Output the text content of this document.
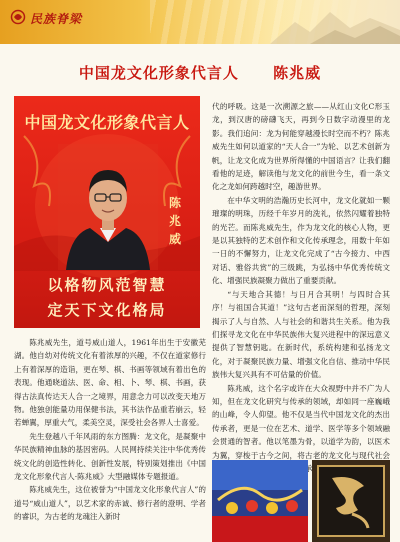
民族脊梁
中国龙文化形象代言人 陈兆威
中国龙文化形象代言人
陈
兆
威
以格物风范智慧
定天下文化格局

陈兆威先生，道号威山道人，1961年出生于安徽芜湖。他自幼对传统文化有着浓厚的兴趣，不仅在道家修行上有着深厚的造诣，更在琴、棋、书画等领域有着出色的表现。他通晓道法、医、命、相、卜、琴、棋、书画，获得古法真传达天人合一之境界，用意念力可以改变天地万物。他独创能量功用保健书法，其书法作品重若崩云，轻若蝉翼，厚重大气，柔美空灵，深受社会各界人士喜爱。

先生登越八千年风雨的东方图腾：龙文化，是凝聚中华民族精神血脉的基因密码。人民网持续关注中华优秀传统文化的创造性转化、创新性发展，特别策划推出《中国龙文化形象代言人·陈兆威》大型融媒体专题报道。

陈兆威先生，这位被誉为“中国龙文化形象代言人”的道号“威山道人”，以艺术家的赤诚、修行者的澄明、学者的睿识，为古老的龙魂注入新时

代的呼吸。这是一次溯源之旅——从红山文化C形玉龙，到汉唐的磅礴飞天，再到今日数字动漫里的龙影。我们追问：龙为何能穿越漫长时空而不朽？陈兆威先生如何以道家的“天人合一”为轮、以艺术创新为帆，让龙文化成为世界所得懂的中国语言？让我们翻看他的足迹，解读他与龙文化的前世今生，看一条文化之龙如何跨越时空，趣游世界。

在中华文明的浩瀚历史长河中，龙文化就如一颗璀璨的明珠，历经千年岁月的洗礼，依然闪耀着独特的光芒。而陈兆威先生，作为龙文化的核心人物，更是以其独特的艺术创作和文化传承理念，用数十年如一日的不懈努力，让龙文化完成了“古今接力、中西对话、雅俗共赏”的三级跳，为弘扬中华优秀传统文化、增强民族凝聚力做出了重要贡献。

“与天地合其德！与日月合其明！与四时合其序！与祖国合其道！”这句古老而深刻的哲理，深刻揭示了人与自然、人与社会的和谐共生关系。他为我们探寻龙文化在中华民族伟大复兴进程中的深远意义提供了智慧钥匙。在新时代，系统构建和弘扬龙文化，对于凝聚民族力量、增强文化自信、推动中华民族伟大复兴具有不可估量的价值。

陈兆威，这个名字或许在大众视野中并不广为人知，但在龙文化研究与传承的领域，却如同一座巍峨的山峰，令人仰望。他不仅是当代中国龙文化的杰出传承者，更是一位在艺术、道学、医学等多个领域融会贯通的智者。他以笔墨为骨，以道学为韵，以医术为翼，穿梭于古今之间，将古老的龙文化与现代社会 承
